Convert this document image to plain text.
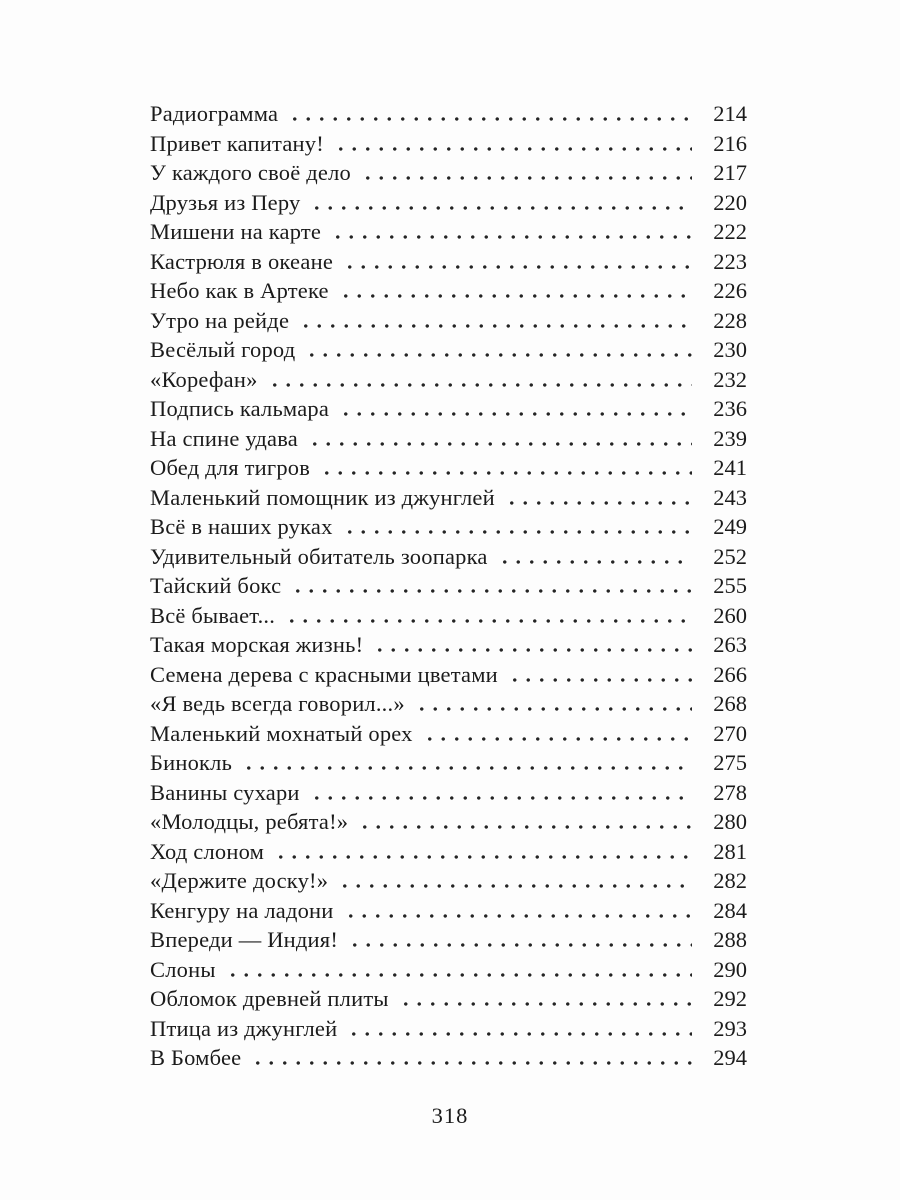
Радиограмма	214
Привет капитану!	216
У каждого своё дело	217
Друзья из Перу	220
Мишени на карте	222
Кастрюля в океане	223
Небо как в Артеке	226
Утро на рейде	228
Весёлый город	230
«Корефан»	232
Подпись кальмара	236
На спине удава	239
Обед для тигров	241
Маленький помощник из джунглей	243
Всё в наших руках	249
Удивительный обитатель зоопарка	252
Тайский бокс	255
Всё бывает...	260
Такая морская жизнь!	263
Семена дерева с красными цветами	266
«Я ведь всегда говорил...»	268
Маленький мохнатый орех	270
Бинокль	275
Ванины сухари	278
«Молодцы, ребята!»	280
Ход слоном	281
«Держите доску!»	282
Кенгуру на ладони	284
Впереди — Индия!	288
Слоны	290
Обломок древней плиты	292
Птица из джунглей	293
В Бомбее	294
318
